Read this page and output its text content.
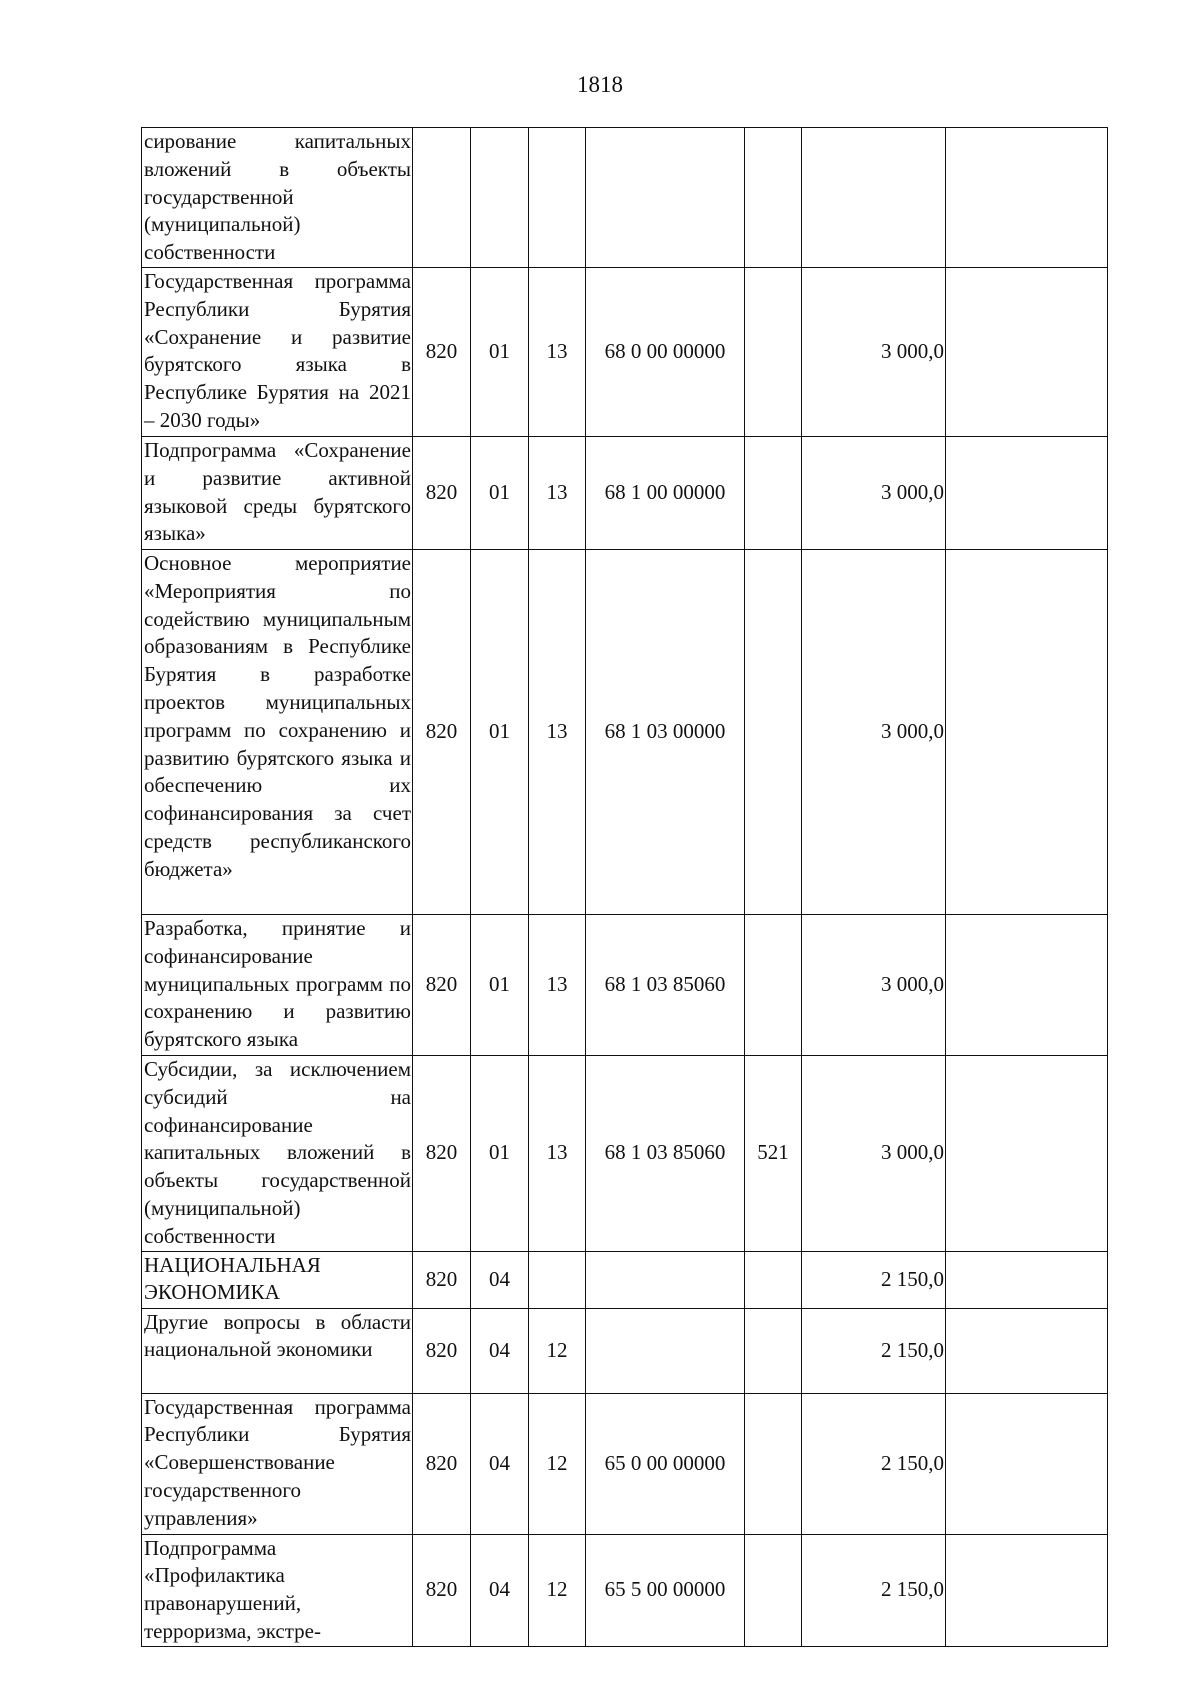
1818
сирование капитальных вложений в объекты государственной (муниципальной) собственности							
Государственная программа Республики Бурятия «Сохранение и развитие бурятского языка в Республике Бурятия на 2021 – 2030 годы»	820	01	13	68 0 00 00000		3 000,0	
Подпрограмма «Сохранение и развитие активной языковой среды бурятского языка»	820	01	13	68 1 00 00000		3 000,0	
Основное мероприятие «Мероприятия по содействию муниципальным образованиям в Республике Бурятия в разработке проектов муниципальных программ по сохранению и развитию бурятского языка и обеспечению их софинансирования за счет средств республиканского бюджета»	820	01	13	68 1 03 00000		3 000,0	
Разработка, принятие и софинансирование муниципальных программ по сохранению и развитию бурятского языка	820	01	13	68 1 03 85060		3 000,0	
Субсидии, за исключением субсидий на софинансирование капитальных вложений в объекты государственной (муниципальной) собственности	820	01	13	68 1 03 85060	521	3 000,0	
НАЦИОНАЛЬНАЯ ЭКОНОМИКА	820	04				2 150,0	
Другие вопросы в области национальной экономики	820	04	12			2 150,0	
Государственная программа Республики Бурятия «Совершенствование государственного управления»	820	04	12	65 0 00 00000		2 150,0	
Подпрограмма «Профилактика правонарушений, терроризма, экстре-	820	04	12	65 5 00 00000		2 150,0	
